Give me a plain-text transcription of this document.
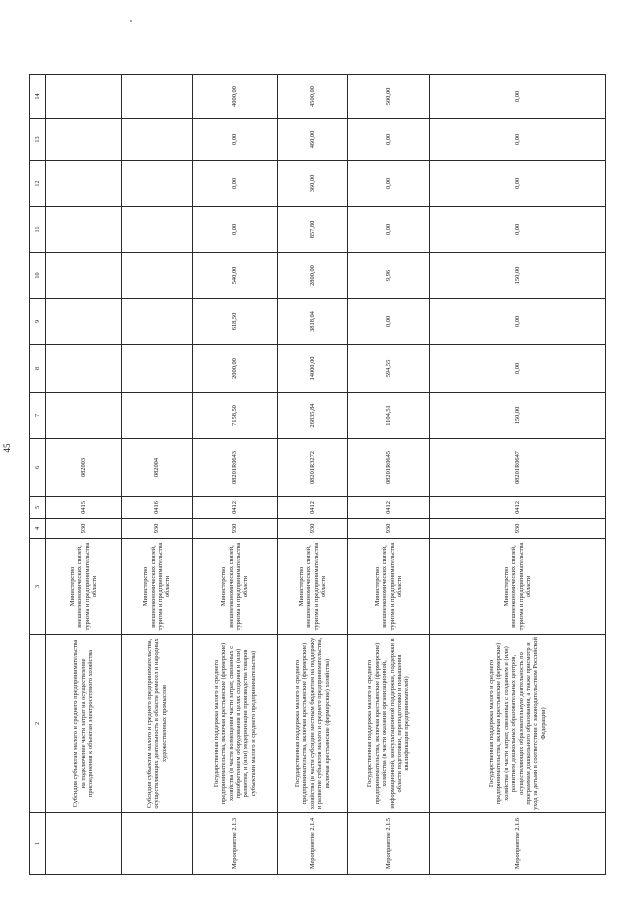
45
1	2	3	4	5	6	7	8	9	10	11	12	13	14
	Субсидия субъектам малого и среднего предпринимательства на подключение части затрат на осуществление присоединения к объектам электросетевого хозяйства	Министерство внешнеэкономических связей, туризма и предпринимательства области	930	0415	082003								
	Субсидия субъектам малого и среднего предпринимательства, осуществляющих деятельность в области ремесел и народных художественных промыслов	Министерство внешнеэкономических связей, туризма и предпринимательства области	930	0416	082004								
Мероприятие 2.1.3	Государственная поддержка малого и среднего предпринимательства, включая крестьянские (фермерские) хозяйства (в части возмещения части затрат, связанных с приобретением оборудования в целях создания и (или) развития, и (или) модернизации производства товаров субъектами малого и среднего предпринимательства)	Министерство внешнеэкономических связей, туризма и предпринимательства области	930	0412	08201R0643	7158,50	2000,00	618,50	540,00	0,00	0,00	0,00	4000,00
Мероприятие 2.1.4	Государственная поддержка малого и среднего предпринимательства, включая крестьянские (фермерские) хозяйства (в части субсидии местным бюджетам на поддержку и развитие субъектов малого и среднего предпринимательства, включая крестьянские (фермерские) хозяйства)	Министерство внешнеэкономических связей, туризма и предпринимательства области	930	0412	08201R3272	26835,84	14000,00	3818,04	2800,00	857,80	360,00	460,00	4500,00
Мероприятие 2.1.5	Государственная поддержка малого и среднего предпринимательства, включая крестьянские (фермерские) хозяйства (в части оказания организационной, информационной, консультационной поддержки, поддержки в области подготовки, переподготовки и повышения квалификации предпринимателей)	Министерство внешнеэкономических связей, туризма и предпринимательства области	930	0412	08201R0645	1104,51	594,55	0,00	9,96	0,00	0,00	0,00	500,00
Мероприятие 2.1.6	Государственная поддержка малого и среднего предпринимательства, включая крестьянские (фермерские) хозяйства (в части затрат, связанных с созданием и (или) развитием дошкольных образовательных центров, осуществляющих образовательную деятельность по программам дошкольного образования, а также присмотр и уход за детьми в соответствии с законодательством Российской Федерации)	Министерство внешнеэкономических связей, туризма и предпринимательства области	930	0412	08201R0647	150,00	0,00	0,00	150,00	0,00	0,00	0,00	0,00
